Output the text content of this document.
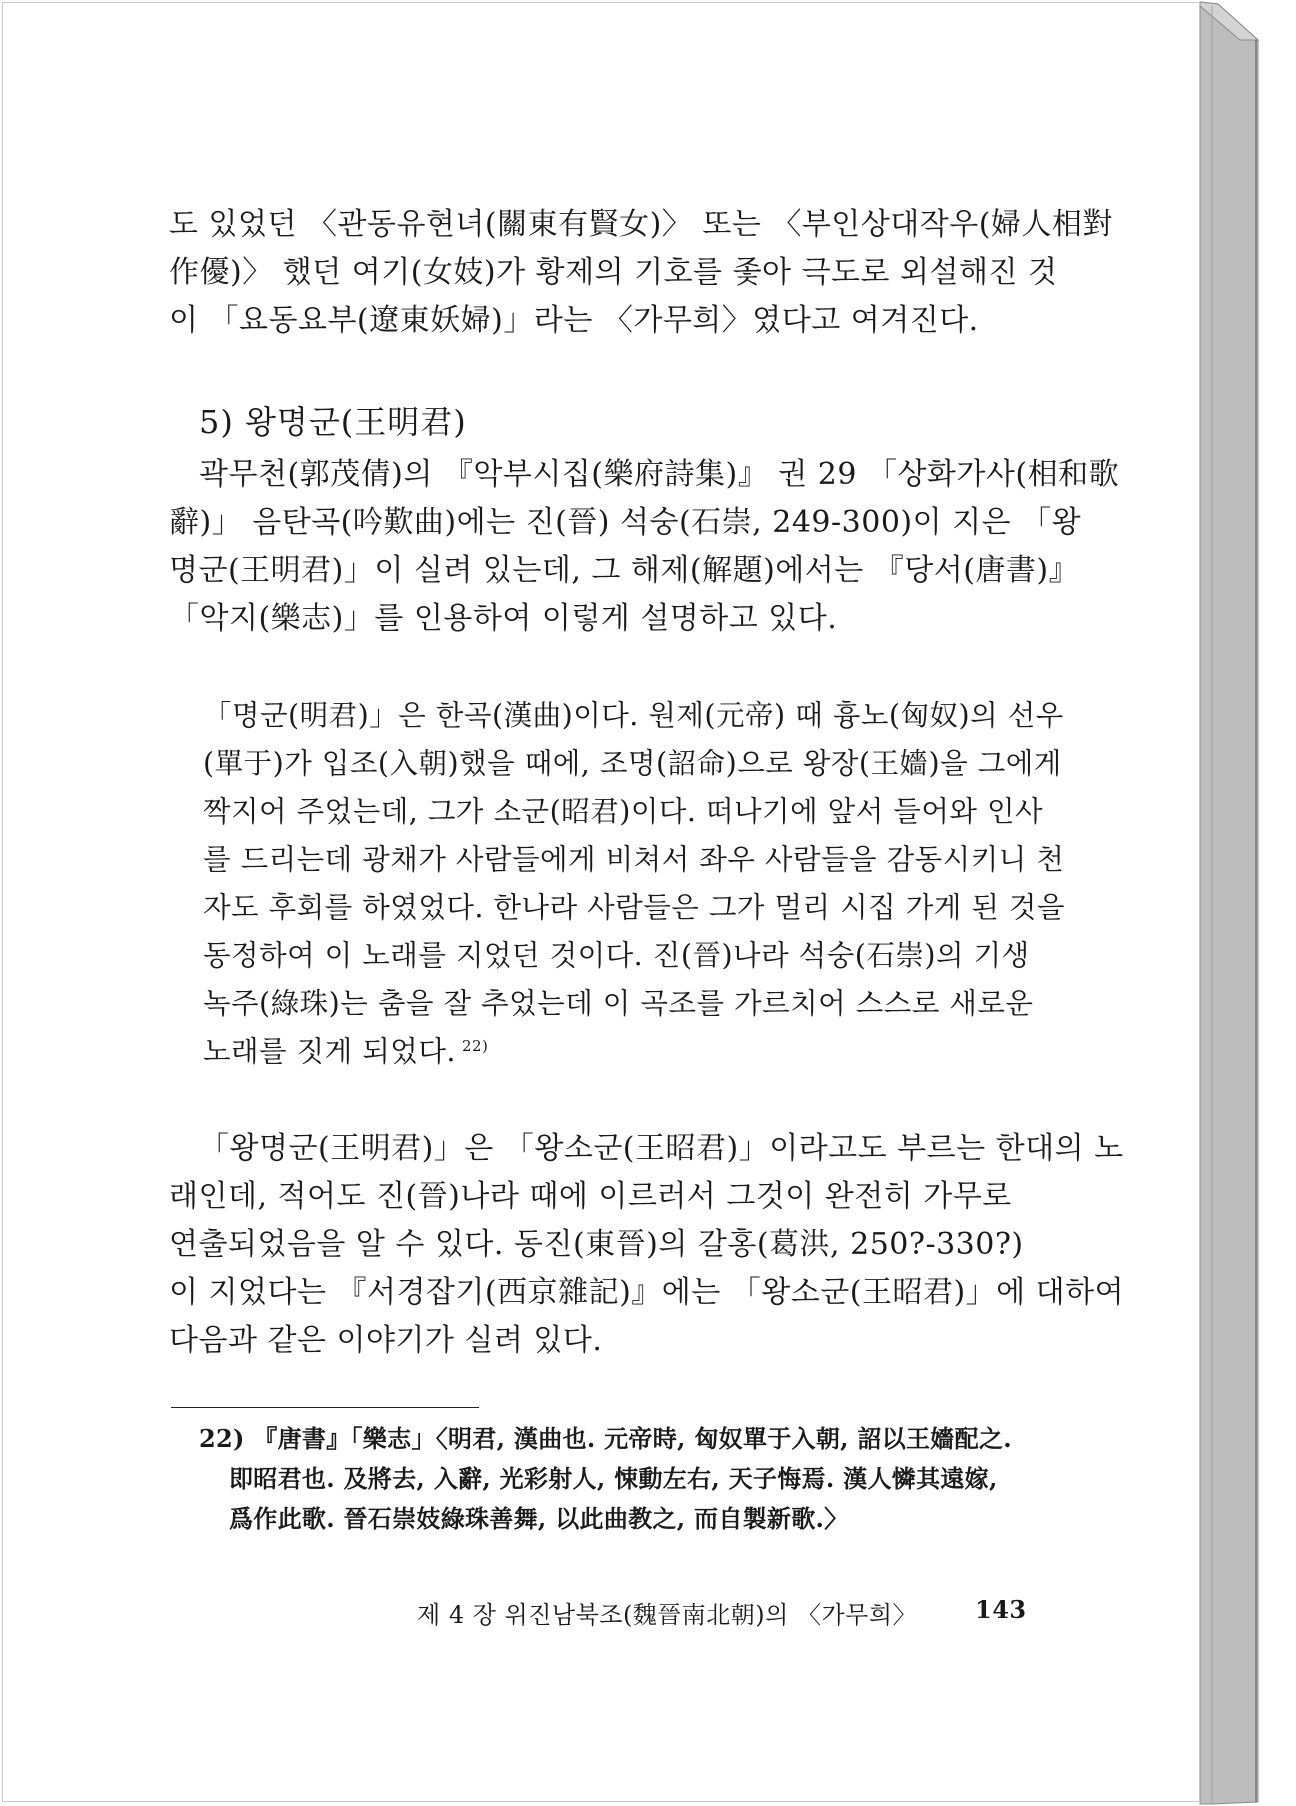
도 있었던 〈관동유현녀(關東有賢女)〉 또는 〈부인상대작우(婦人相對

作優)〉 했던 여기(女妓)가 황제의 기호를 좇아 극도로 외설해진 것

이 「요동요부(遼東妖婦)」라는 〈가무희〉였다고 여겨진다.

5) 왕명군(王明君)

곽무천(郭茂倩)의 『악부시집(樂府詩集)』 권 29 「상화가사(相和歌

辭)」 음탄곡(吟歎曲)에는 진(晉) 석숭(石崇, 249-300)이 지은 「왕

명군(王明君)」이 실려 있는데, 그 해제(解題)에서는 『당서(唐書)』

「악지(樂志)」를 인용하여 이렇게 설명하고 있다.

「명군(明君)」은 한곡(漢曲)이다. 원제(元帝) 때 흉노(匈奴)의 선우

(單于)가 입조(入朝)했을 때에, 조명(詔命)으로 왕장(王嬙)을 그에게

짝지어 주었는데, 그가 소군(昭君)이다. 떠나기에 앞서 들어와 인사

를 드리는데 광채가 사람들에게 비쳐서 좌우 사람들을 감동시키니 천

자도 후회를 하였었다. 한나라 사람들은 그가 멀리 시집 가게 된 것을

동정하여 이 노래를 지었던 것이다. 진(晉)나라 석숭(石崇)의 기생

녹주(綠珠)는 춤을 잘 추었는데 이 곡조를 가르치어 스스로 새로운

노래를 짓게 되었다. $^{22)}$

「왕명군(王明君)」은 「왕소군(王昭君)」이라고도 부르는 한대의 노

래인데, 적어도 진(晉)나라 때에 이르러서 그것이 완전히 가무로

연출되었음을 알 수 있다. 동진(東晉)의 갈홍(葛洪, 250?-330?)

이 지었다는 『서경잡기(西京雜記)』에는 「왕소군(王昭君)」에 대하여

다음과 같은 이야기가 실려 있다.

22) 『唐書』「樂志」〈明君, 漢曲也. 元帝時, 匈奴單于入朝, 詔以王嬙配之.

即昭君也. 及將去, 入辭, 光彩射人, 悚動左右, 天子悔焉. 漢人憐其遠嫁,

爲作此歌. 晉石崇妓綠珠善舞, 以此曲教之, 而自製新歌.〉

제 4 장 위진남북조(魏晉南北朝)의 〈가무희〉 143
